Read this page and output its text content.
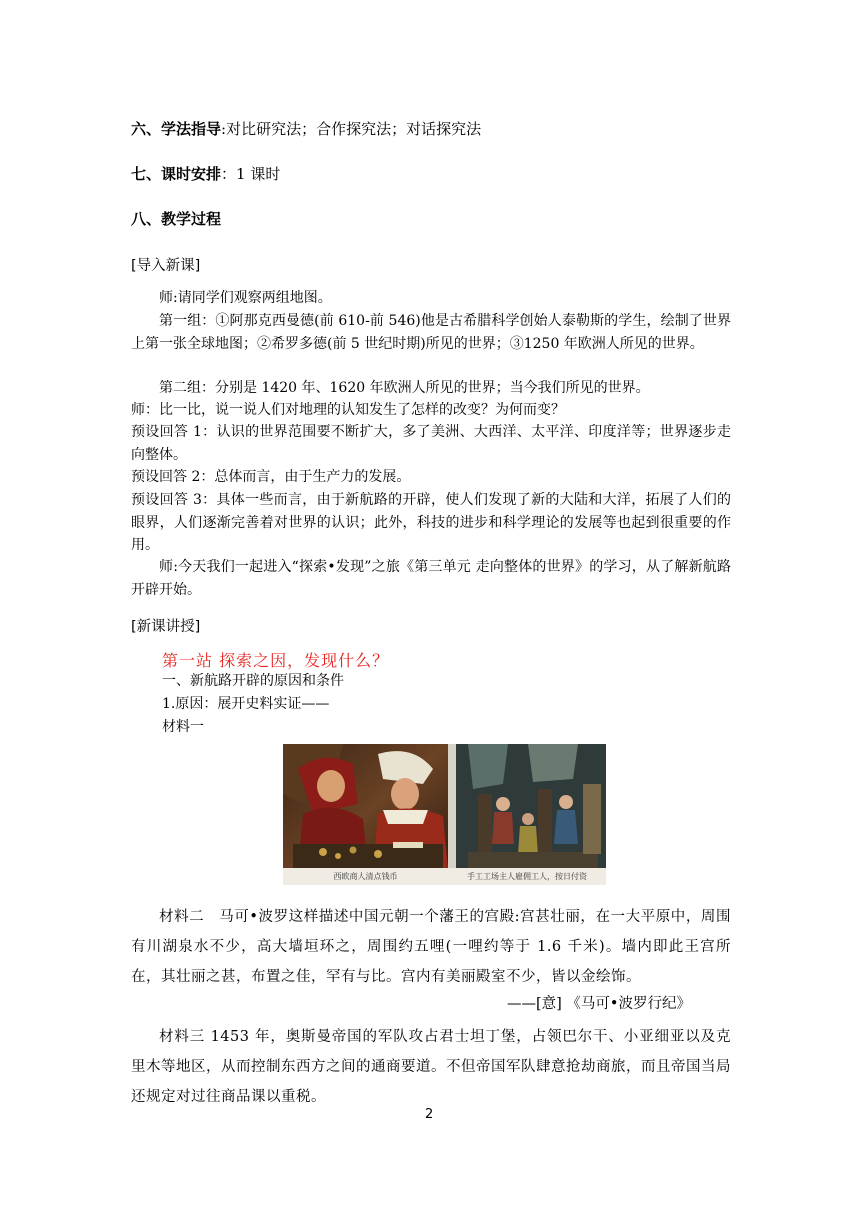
六、学法指导:对比研究法；合作探究法；对话探究法
七、课时安排：1 课时
八、教学过程
[导入新课]
师:请同学们观察两组地图。
第一组：①阿那克西曼德(前 610-前 546)他是古希腊科学创始人泰勒斯的学生，绘制了世界上第一张全球地图；②希罗多德(前 5 世纪时期)所见的世界；③1250 年欧洲人所见的世界。
第二组：分别是 1420 年、1620 年欧洲人所见的世界；当今我们所见的世界。
师：比一比，说一说人们对地理的认知发生了怎样的改变？为何而变？
预设回答 1：认识的世界范围要不断扩大，多了美洲、大西洋、太平洋、印度洋等；世界逐步走向整体。
预设回答 2：总体而言，由于生产力的发展。
预设回答 3：具体一些而言，由于新航路的开辟，使人们发现了新的大陆和大洋，拓展了人们的眼界，人们逐渐完善着对世界的认识；此外，科技的进步和科学理论的发展等也起到很重要的作用。
师:今天我们一起进入“探索•发现”之旅《第三单元 走向整体的世界》的学习，从了解新航路开辟开始。
[新课讲授]
第一站 探索之因，发现什么？
一、新航路开辟的原因和条件
1.原因：展开史料实证——
材料一
西欧商人清点钱币	手工工场主人雇佣工人，按日付资
材料二　马可•波罗这样描述中国元朝一个藩王的宫殿:宫甚壮丽，在一大平原中，周围有川湖泉水不少，高大墙垣环之，周围约五哩(一哩约等于 1.6 千米)。墙内即此王宫所在，其壮丽之甚，布置之佳，罕有与比。宫内有美丽殿室不少，皆以金绘饰。
——[意] 《马可•波罗行纪》
材料三 1453 年，奥斯曼帝国的军队攻占君士坦丁堡，占领巴尔干、小亚细亚以及克里木等地区，从而控制东西方之间的通商要道。不但帝国军队肆意抢劫商旅，而且帝国当局还规定对过往商品课以重税。
2
